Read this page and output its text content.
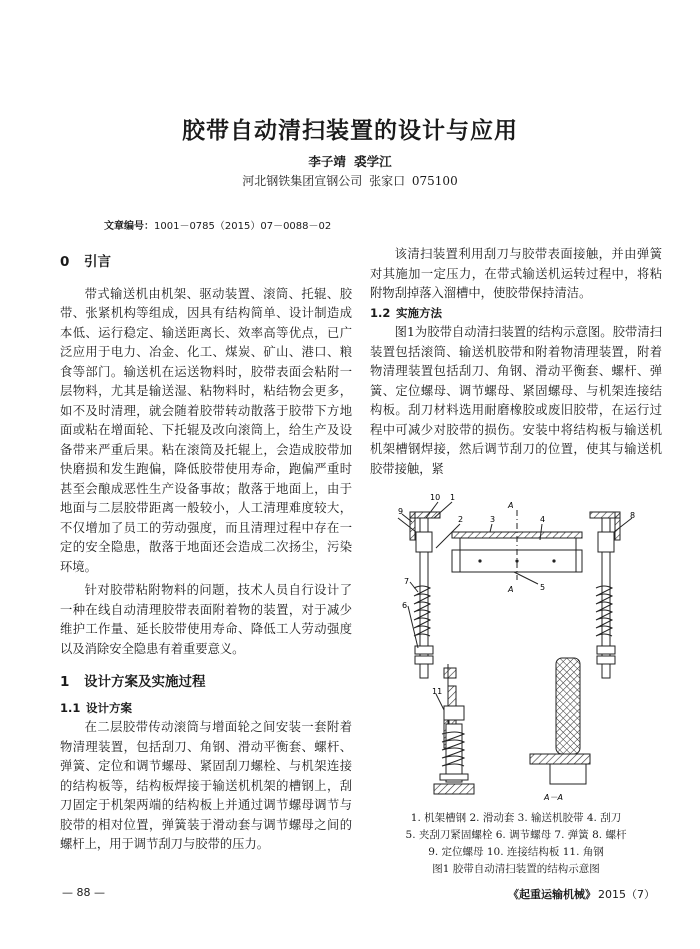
胶带自动清扫装置的设计与应用
李子靖 裘学江
河北钢铁集团宣钢公司 张家口 075100
文章编号：1001－0785（2015）07－0088－02
0 引言

带式输送机由机架、驱动装置、滚筒、托辊、胶带、张紧机构等组成，因具有结构简单、设计制造成本低、运行稳定、输送距离长、效率高等优点，已广泛应用于电力、冶金、化工、煤炭、矿山、港口、粮食等部门。输送机在运送物料时，胶带表面会粘附一层物料，尤其是输送湿、粘物料时，粘结物会更多，如不及时清理，就会随着胶带转动散落于胶带下方地面或粘在增面轮、下托辊及改向滚筒上，给生产及设备带来严重后果。粘在滚筒及托辊上，会造成胶带加快磨损和发生跑偏，降低胶带使用寿命，跑偏严重时甚至会酿成恶性生产设备事故；散落于地面上，由于地面与二层胶带距离一般较小，人工清理难度较大，不仅增加了员工的劳动强度，而且清理过程中存在一定的安全隐患，散落于地面还会造成二次扬尘，污染环境。

针对胶带粘附物料的问题，技术人员自行设计了一种在线自动清理胶带表面附着物的装置，对于减少维护工作量、延长胶带使用寿命、降低工人劳动强度以及消除安全隐患有着重要意义。

1 设计方案及实施过程
1.1 设计方案

在二层胶带传动滚筒与增面轮之间安装一套附着物清理装置，包括刮刀、角钢、滑动平衡套、螺杆、弹簧、定位和调节螺母、紧固刮刀螺栓、与机架连接的结构板等，结构板焊接于输送机机架的槽钢上，刮刀固定于机架两端的结构板上并通过调节螺母调节与胶带的相对位置，弹簧装于滑动套与调节螺母之间的螺杆上，用于调节刮刀与胶带的压力。

该清扫装置利用刮刀与胶带表面接触，并由弹簧对其施加一定压力，在带式输送机运转过程中，将粘附物刮掉落入溜槽中，使胶带保持清洁。

1.2 实施方法

图1为胶带自动清扫装置的结构示意图。胶带清扫装置包括滚筒、输送机胶带和附着物清理装置，附着物清理装置包括刮刀、角钢、滑动平衡套、螺杆、弹簧、定位螺母、调节螺母、紧固螺母、与机架连接结构板。刮刀材料选用耐磨橡胶或废旧胶带，在运行过程中可减少对胶带的损伤。安装中将结构板与输送机机架槽钢焊接，然后调节刮刀的位置，使其与输送机胶带接触，紧

10 1
2	3	4
5
9
7
6
8
A
A
11
A－A
1. 机架槽钢 2. 滑动套 3. 输送机胶带 4. 刮刀
5. 夹刮刀紧固螺栓 6. 调节螺母 7. 弹簧 8. 螺杆
9. 定位螺母 10. 连接结构板 11. 角钢
图1 胶带自动清扫装置的结构示意图
— 88 —	《起重运输机械》 2015（7）
